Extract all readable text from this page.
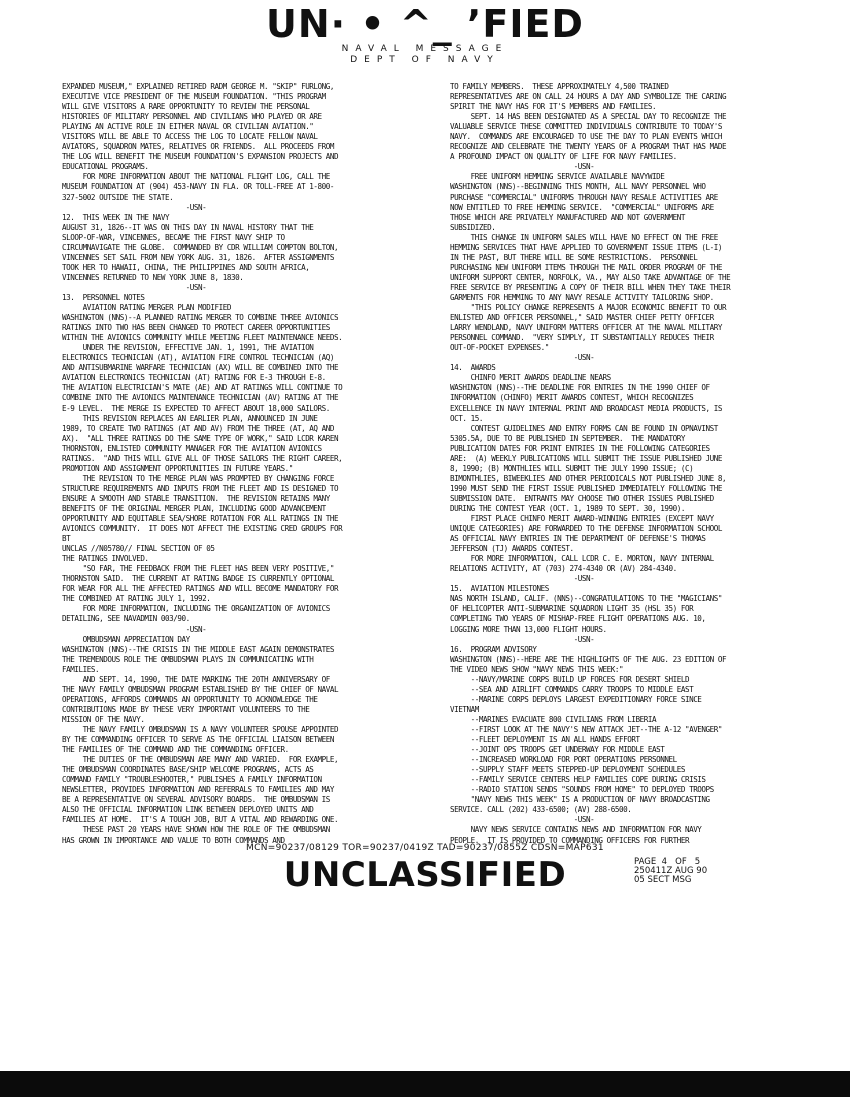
UN· • ^_ ’FIED
NAVAL MESSAGE
DEPT OF NAVY

EXPANDED MUSEUM," EXPLAINED RETIRED RADM GEORGE M. "SKIP" FURLONG,

EXECUTIVE VICE PRESIDENT OF THE MUSEUM FOUNDATION. "THIS PROGRAM

WILL GIVE VISITORS A RARE OPPORTUNITY TO REVIEW THE PERSONAL

HISTORIES OF MILITARY PERSONNEL AND CIVILIANS WHO PLAYED OR ARE

PLAYING AN ACTIVE ROLE IN EITHER NAVAL OR CIVILIAN AVIATION."

VISITORS WILL BE ABLE TO ACCESS THE LOG TO LOCATE FELLOW NAVAL

AVIATORS, SQUADRON MATES, RELATIVES OR FRIENDS.  ALL PROCEEDS FROM

THE LOG WILL BENEFIT THE MUSEUM FOUNDATION'S EXPANSION PROJECTS AND

EDUCATIONAL PROGRAMS.

FOR MORE INFORMATION ABOUT THE NATIONAL FLIGHT LOG, CALL THE

MUSEUM FOUNDATION AT (904) 453-NAVY IN FLA. OR TOLL-FREE AT 1-800-

327-5002 OUTSIDE THE STATE.

-USN-

12.  THIS WEEK IN THE NAVY

AUGUST 31, 1826--IT WAS ON THIS DAY IN NAVAL HISTORY THAT THE

SLOOP-OF-WAR, VINCENNES, BECAME THE FIRST NAVY SHIP TO

CIRCUMNAVIGATE THE GLOBE.  COMMANDED BY CDR WILLIAM COMPTON BOLTON,

VINCENNES SET SAIL FROM NEW YORK AUG. 31, 1826.  AFTER ASSIGNMENTS

TOOK HER TO HAWAII, CHINA, THE PHILIPPINES AND SOUTH AFRICA,

VINCENNES RETURNED TO NEW YORK JUNE 8, 1830.

-USN-

13.  PERSONNEL NOTES

AVIATION RATING MERGER PLAN MODIFIED

WASHINGTON (NNS)--A PLANNED RATING MERGER TO COMBINE THREE AVIONICS

RATINGS INTO TWO HAS BEEN CHANGED TO PROTECT CAREER OPPORTUNITIES

WITHIN THE AVIONICS COMMUNITY WHILE MEETING FLEET MAINTENANCE NEEDS.

UNDER THE REVISION, EFFECTIVE JAN. 1, 1991, THE AVIATION

ELECTRONICS TECHNICIAN (AT), AVIATION FIRE CONTROL TECHNICIAN (AQ)

AND ANTISUBMARINE WARFARE TECHNICIAN (AX) WILL BE COMBINED INTO THE

AVIATION ELECTRONICS TECHNICIAN (AT) RATING FOR E-3 THROUGH E-8.

THE AVIATION ELECTRICIAN'S MATE (AE) AND AT RATINGS WILL CONTINUE TO

COMBINE INTO THE AVIONICS MAINTENANCE TECHNICIAN (AV) RATING AT THE

E-9 LEVEL.  THE MERGE IS EXPECTED TO AFFECT ABOUT 18,000 SAILORS.

THIS REVISION REPLACES AN EARLIER PLAN, ANNOUNCED IN JUNE

1989, TO CREATE TWO RATINGS (AT AND AV) FROM THE THREE (AT, AQ AND

AX).  "ALL THREE RATINGS DO THE SAME TYPE OF WORK," SAID LCDR KAREN

THORNSTON, ENLISTED COMMUNITY MANAGER FOR THE AVIATION AVIONICS

RATINGS.  "AND THIS WILL GIVE ALL OF THOSE SAILORS THE RIGHT CAREER,

PROMOTION AND ASSIGNMENT OPPORTUNITIES IN FUTURE YEARS."

THE REVISION TO THE MERGE PLAN WAS PROMPTED BY CHANGING FORCE

STRUCTURE REQUIREMENTS AND INPUTS FROM THE FLEET AND IS DESIGNED TO

ENSURE A SMOOTH AND STABLE TRANSITION.  THE REVISION RETAINS MANY

BENEFITS OF THE ORIGINAL MERGER PLAN, INCLUDING GOOD ADVANCEMENT

OPPORTUNITY AND EQUITABLE SEA/SHORE ROTATION FOR ALL RATINGS IN THE

AVIONICS COMMUNITY.  IT DOES NOT AFFECT THE EXISTING CRED GROUPS FOR

BT

UNCLAS //N05780// FINAL SECTION OF 05

THE RATINGS INVOLVED.

"SO FAR, THE FEEDBACK FROM THE FLEET HAS BEEN VERY POSITIVE,"

THORNSTON SAID.  THE CURRENT AT RATING BADGE IS CURRENTLY OPTIONAL

FOR WEAR FOR ALL THE AFFECTED RATINGS AND WILL BECOME MANDATORY FOR

THE COMBINED AT RATING JULY 1, 1992.

FOR MORE INFORMATION, INCLUDING THE ORGANIZATION OF AVIONICS

DETAILING, SEE NAVADMIN 003/90.

-USN-

OMBUDSMAN APPRECIATION DAY

WASHINGTON (NNS)--THE CRISIS IN THE MIDDLE EAST AGAIN DEMONSTRATES

THE TREMENDOUS ROLE THE OMBUDSMAN PLAYS IN COMMUNICATING WITH

FAMILIES.

AND SEPT. 14, 1990, THE DATE MARKING THE 20TH ANNIVERSARY OF

THE NAVY FAMILY OMBUDSMAN PROGRAM ESTABLISHED BY THE CHIEF OF NAVAL

OPERATIONS, AFFORDS COMMANDS AN OPPORTUNITY TO ACKNOWLEDGE THE

CONTRIBUTIONS MADE BY THESE VERY IMPORTANT VOLUNTEERS TO THE

MISSION OF THE NAVY.

THE NAVY FAMILY OMBUDSMAN IS A NAVY VOLUNTEER SPOUSE APPOINTED

BY THE COMMANDING OFFICER TO SERVE AS THE OFFICIAL LIAISON BETWEEN

THE FAMILIES OF THE COMMAND AND THE COMMANDING OFFICER.

THE DUTIES OF THE OMBUDSMAN ARE MANY AND VARIED.  FOR EXAMPLE,

THE OMBUDSMAN COORDINATES BASE/SHIP WELCOME PROGRAMS, ACTS AS

COMMAND FAMILY "TROUBLESHOOTER," PUBLISHES A FAMILY INFORMATION

NEWSLETTER, PROVIDES INFORMATION AND REFERRALS TO FAMILIES AND MAY

BE A REPRESENTATIVE ON SEVERAL ADVISORY BOARDS.  THE OMBUDSMAN IS

ALSO THE OFFICIAL INFORMATION LINK BETWEEN DEPLOYED UNITS AND

FAMILIES AT HOME.  IT'S A TOUGH JOB, BUT A VITAL AND REWARDING ONE.

THESE PAST 20 YEARS HAVE SHOWN HOW THE ROLE OF THE OMBUDSMAN

HAS GROWN IN IMPORTANCE AND VALUE TO BOTH COMMANDS AND

TO FAMILY MEMBERS.  THESE APPROXIMATELY 4,500 TRAINED

REPRESENTATIVES ARE ON CALL 24 HOURS A DAY AND SYMBOLIZE THE CARING

SPIRIT THE NAVY HAS FOR IT'S MEMBERS AND FAMILIES.

SEPT. 14 HAS BEEN DESIGNATED AS A SPECIAL DAY TO RECOGNIZE THE

VALUABLE SERVICE THESE COMMITTED INDIVIDUALS CONTRIBUTE TO TODAY'S

NAVY.  COMMANDS ARE ENCOURAGED TO USE THE DAY TO PLAN EVENTS WHICH

RECOGNIZE AND CELEBRATE THE TWENTY YEARS OF A PROGRAM THAT HAS MADE

A PROFOUND IMPACT ON QUALITY OF LIFE FOR NAVY FAMILIES.

-USN-

FREE UNIFORM HEMMING SERVICE AVAILABLE NAVYWIDE

WASHINGTON (NNS)--BEGINNING THIS MONTH, ALL NAVY PERSONNEL WHO

PURCHASE "COMMERCIAL" UNIFORMS THROUGH NAVY RESALE ACTIVITIES ARE

NOW ENTITLED TO FREE HEMMING SERVICE.  "COMMERCIAL" UNIFORMS ARE

THOSE WHICH ARE PRIVATELY MANUFACTURED AND NOT GOVERNMENT

SUBSIDIZED.

THIS CHANGE IN UNIFORM SALES WILL HAVE NO EFFECT ON THE FREE

HEMMING SERVICES THAT HAVE APPLIED TO GOVERNMENT ISSUE ITEMS (L-I)

IN THE PAST, BUT THERE WILL BE SOME RESTRICTIONS.  PERSONNEL

PURCHASING NEW UNIFORM ITEMS THROUGH THE MAIL ORDER PROGRAM OF THE

UNIFORM SUPPORT CENTER, NORFOLK, VA., MAY ALSO TAKE ADVANTAGE OF THE

FREE SERVICE BY PRESENTING A COPY OF THEIR BILL WHEN THEY TAKE THEIR

GARMENTS FOR HEMMING TO ANY NAVY RESALE ACTIVITY TAILORING SHOP.

"THIS POLICY CHANGE REPRESENTS A MAJOR ECONOMIC BENEFIT TO OUR

ENLISTED AND OFFICER PERSONNEL," SAID MASTER CHIEF PETTY OFFICER

LARRY WENDLAND, NAVY UNIFORM MATTERS OFFICER AT THE NAVAL MILITARY

PERSONNEL COMMAND.  "VERY SIMPLY, IT SUBSTANTIALLY REDUCES THEIR

OUT-OF-POCKET EXPENSES."

-USN-

14.  AWARDS

CHINFO MERIT AWARDS DEADLINE NEARS

WASHINGTON (NNS)--THE DEADLINE FOR ENTRIES IN THE 1990 CHIEF OF

INFORMATION (CHINFO) MERIT AWARDS CONTEST, WHICH RECOGNIZES

EXCELLENCE IN NAVY INTERNAL PRINT AND BROADCAST MEDIA PRODUCTS, IS

OCT. 15.

CONTEST GUIDELINES AND ENTRY FORMS CAN BE FOUND IN OPNAVINST

5305.5A, DUE TO BE PUBLISHED IN SEPTEMBER.  THE MANDATORY

PUBLICATION DATES FOR PRINT ENTRIES IN THE FOLLOWING CATEGORIES

ARE:  (A) WEEKLY PUBLICATIONS WILL SUBMIT THE ISSUE PUBLISHED JUNE

8, 1990; (B) MONTHLIES WILL SUBMIT THE JULY 1990 ISSUE; (C)

BIMONTHLIES, BIWEEKLIES AND OTHER PERIODICALS NOT PUBLISHED JUNE 8,

1990 MUST SEND THE FIRST ISSUE PUBLISHED IMMEDIATELY FOLLOWING THE

SUBMISSION DATE.  ENTRANTS MAY CHOOSE TWO OTHER ISSUES PUBLISHED

DURING THE CONTEST YEAR (OCT. 1, 1989 TO SEPT. 30, 1990).

FIRST PLACE CHINFO MERIT AWARD-WINNING ENTRIES (EXCEPT NAVY

UNIQUE CATEGORIES) ARE FORWARDED TO THE DEFENSE INFORMATION SCHOOL

AS OFFICIAL NAVY ENTRIES IN THE DEPARTMENT OF DEFENSE'S THOMAS

JEFFERSON (TJ) AWARDS CONTEST.

FOR MORE INFORMATION, CALL LCDR C. E. MORTON, NAVY INTERNAL

RELATIONS ACTIVITY, AT (703) 274-4340 OR (AV) 284-4340.

-USN-

15.  AVIATION MILESTONES

NAS NORTH ISLAND, CALIF. (NNS)--CONGRATULATIONS TO THE "MAGICIANS"

OF HELICOPTER ANTI-SUBMARINE SQUADRON LIGHT 35 (HSL 35) FOR

COMPLETING TWO YEARS OF MISHAP-FREE FLIGHT OPERATIONS AUG. 10,

LOGGING MORE THAN 13,000 FLIGHT HOURS.

-USN-

16.  PROGRAM ADVISORY

WASHINGTON (NNS)--HERE ARE THE HIGHLIGHTS OF THE AUG. 23 EDITION OF

THE VIDEO NEWS SHOW "NAVY NEWS THIS WEEK:"

--NAVY/MARINE CORPS BUILD UP FORCES FOR DESERT SHIELD

--SEA AND AIRLIFT COMMANDS CARRY TROOPS TO MIDDLE EAST

--MARINE CORPS DEPLOYS LARGEST EXPEDITIONARY FORCE SINCE

VIETNAM

--MARINES EVACUATE 800 CIVILIANS FROM LIBERIA

--FIRST LOOK AT THE NAVY'S NEW ATTACK JET--THE A-12 "AVENGER"

--FLEET DEPLOYMENT IS AN ALL HANDS EFFORT

--JOINT OPS TROOPS GET UNDERWAY FOR MIDDLE EAST

--INCREASED WORKLOAD FOR PORT OPERATIONS PERSONNEL

--SUPPLY STAFF MEETS STEPPED-UP DEPLOYMENT SCHEDULES

--FAMILY SERVICE CENTERS HELP FAMILIES COPE DURING CRISIS

--RADIO STATION SENDS "SOUNDS FROM HOME" TO DEPLOYED TROOPS

"NAVY NEWS THIS WEEK" IS A PRODUCTION OF NAVY BROADCASTING

SERVICE. CALL (202) 433-6500; (AV) 288-6500.

-USN-

NAVY NEWS SERVICE CONTAINS NEWS AND INFORMATION FOR NAVY

PEOPLE.  IT IS PROVIDED TO COMMANDING OFFICERS FOR FURTHER

MCN=90237/08129 TOR=90237/0419Z TAD=90237/0855Z CDSN=MAP631
UNCLASSIFIED	PAGE  4   OF   5
250411Z AUG 90
05 SECT MSG
